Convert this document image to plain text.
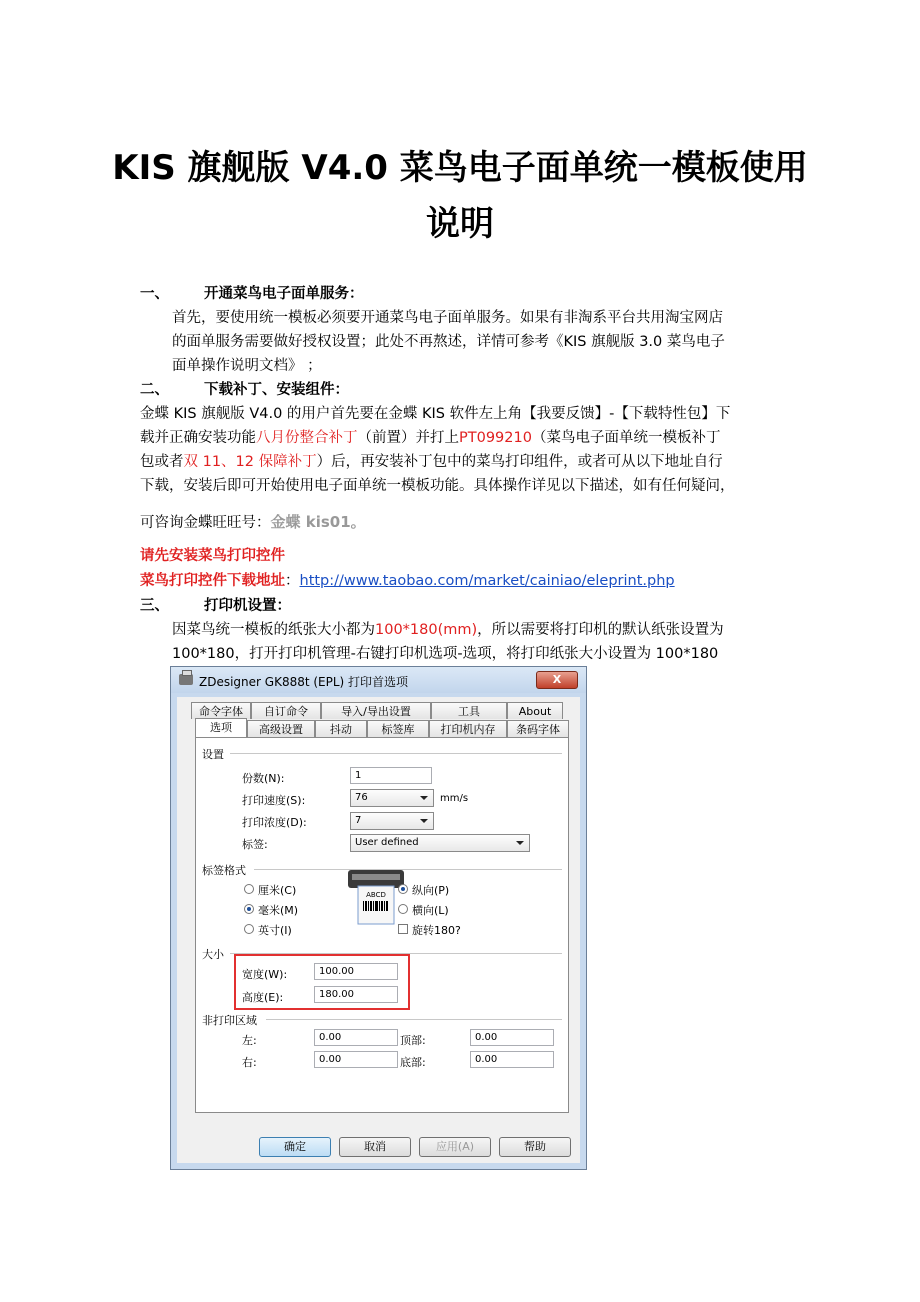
KIS 旗舰版 V4.0 菜鸟电子面单统一模板使用
说明
一、 开通菜鸟电子面单服务：
首先，要使用统一模板必须要开通菜鸟电子面单服务。如果有非淘系平台共用淘宝网店
的面单服务需要做好授权设置；此处不再熬述，详情可参考《KIS 旗舰版 3.0 菜鸟电子
面单操作说明文档》 ；
二、 下载补丁、安装组件：
金蝶 KIS 旗舰版 V4.0 的用户首先要在金蝶 KIS 软件左上角【我要反馈】-【下载特性包】下
载并正确安装功能八月份整合补丁（前置）并打上PT099210（菜鸟电子面单统一模板补丁
包或者双 11、12 保障补丁）后，再安装补丁包中的菜鸟打印组件，或者可从以下地址自行
下载，安装后即可开始使用电子面单统一模板功能。具体操作详见以下描述，如有任何疑问，
可咨询金蝶旺旺号：金蝶 kis01。
请先安装菜鸟打印控件
菜鸟打印控件下载地址：http://www.taobao.com/market/cainiao/eleprint.php
三、 打印机设置：
因菜鸟统一模板的纸张大小都为100*180(mm)，所以需要将打印机的默认纸张设置为
100*180，打开打印机管理-右键打印机选项-选项，将打印纸张大小设置为 100*180
ZDesigner GK888t (EPL) 打印首选项	X
命令字体	自订命令	导入/导出设置	工具	About
选项	高级设置	抖动	标签库	打印机内存	条码字体
设置
份数(N):	1
打印速度(S):	76	mm/s
打印浓度(D):	7
标签:	User defined
标签格式
厘米(C)
毫米(M)
英寸(I)
ABCD 纵向(P)
横向(L)
旋转180?
大小
宽度(W):	100.00
高度(E):	180.00
非打印区域
左:	0.00	顶部:	0.00
右:	0.00	底部:	0.00
确定	取消	应用(A)	帮助
